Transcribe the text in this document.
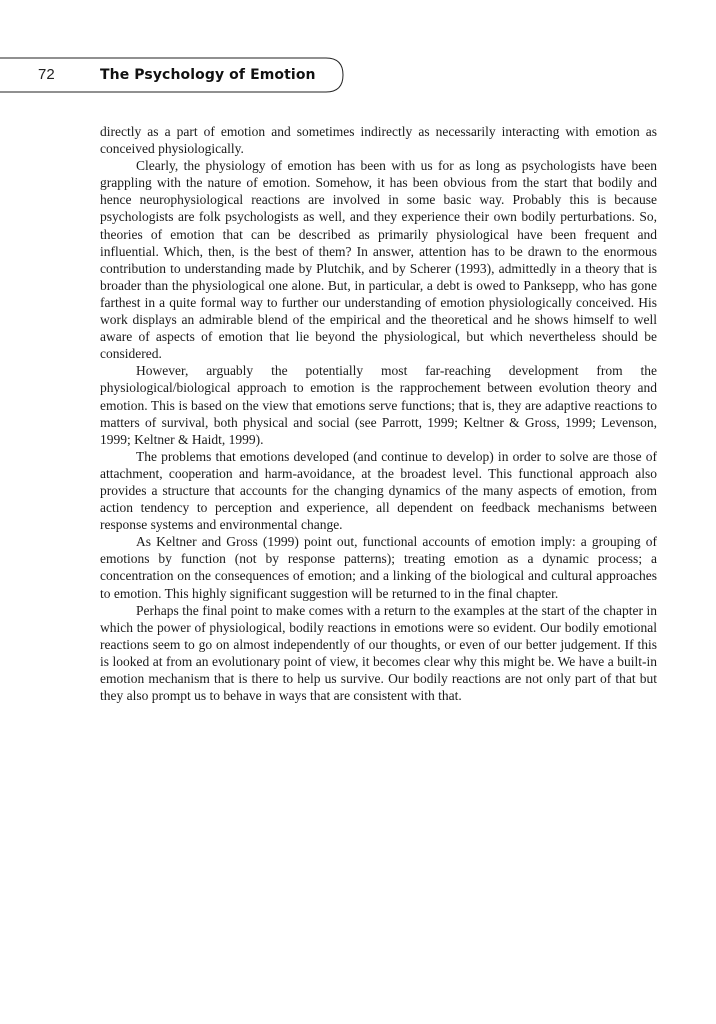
72	The Psychology of Emotion

directly as a part of emotion and sometimes indirectly as necessarily interacting with emotion as conceived physiologically.

Clearly, the physiology of emotion has been with us for as long as psychologists have been grappling with the nature of emotion. Somehow, it has been obvious from the start that bodily and hence neurophysiological reactions are involved in some basic way. Probably this is because psychologists are folk psychologists as well, and they experience their own bodily perturbations. So, theories of emotion that can be described as primarily physiological have been frequent and influential. Which, then, is the best of them? In answer, attention has to be drawn to the enormous contribution to understanding made by Plutchik, and by Scherer (1993), admittedly in a theory that is broader than the physiological one alone. But, in particular, a debt is owed to Panksepp, who has gone farthest in a quite formal way to further our understanding of emotion physiologically conceived. His work displays an admirable blend of the empirical and the theoretical and he shows himself to well aware of aspects of emotion that lie beyond the physiological, but which nevertheless should be considered.

However, arguably the potentially most far-reaching development from the physiological/biological approach to emotion is the rapprochement between evolution theory and emotion. This is based on the view that emotions serve functions; that is, they are adaptive reactions to matters of survival, both physical and social (see Parrott, 1999; Keltner & Gross, 1999; Levenson, 1999; Keltner & Haidt, 1999).

The problems that emotions developed (and continue to develop) in order to solve are those of attachment, cooperation and harm-avoidance, at the broadest level. This functional approach also provides a structure that accounts for the changing dynamics of the many aspects of emotion, from action tendency to perception and experience, all dependent on feedback mechanisms between response systems and environmental change.

As Keltner and Gross (1999) point out, functional accounts of emotion imply: a grouping of emotions by function (not by response patterns); treating emotion as a dynamic process; a concentration on the consequences of emotion; and a linking of the biological and cultural approaches to emotion. This highly significant suggestion will be returned to in the final chapter.

Perhaps the final point to make comes with a return to the examples at the start of the chapter in which the power of physiological, bodily reactions in emotions were so evident. Our bodily emotional reactions seem to go on almost independently of our thoughts, or even of our better judgement. If this is looked at from an evolutionary point of view, it becomes clear why this might be. We have a built-in emotion mechanism that is there to help us survive. Our bodily reactions are not only part of that but they also prompt us to behave in ways that are consistent with that.
